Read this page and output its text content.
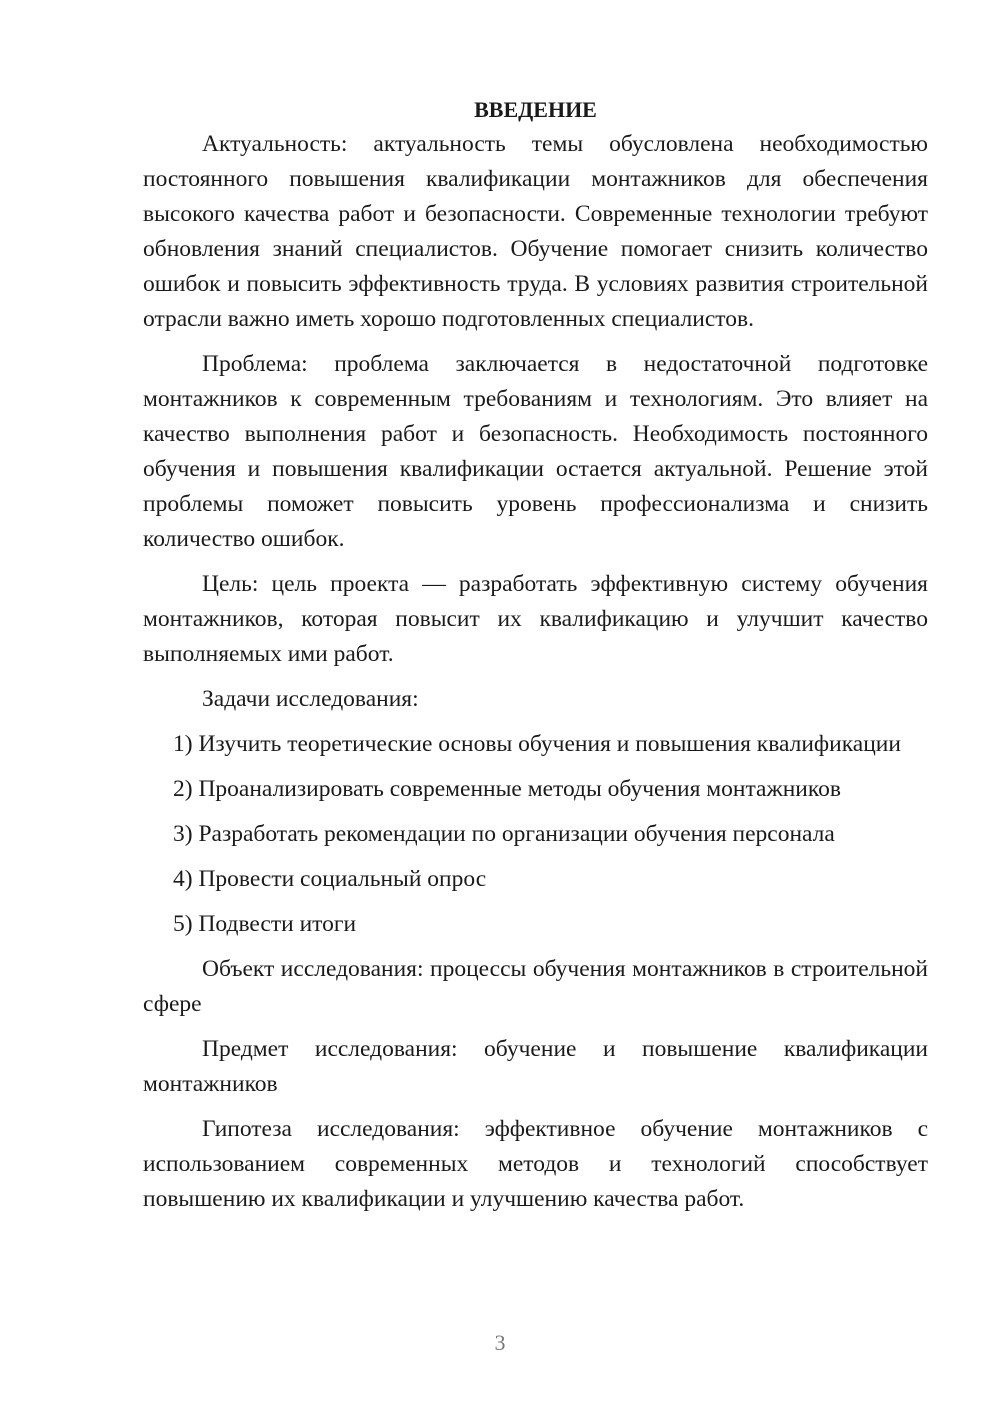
ВВЕДЕНИЕ

Актуальность: актуальность темы обусловлена необходимостью постоянного повышения квалификации монтажников для обеспечения высокого качества работ и безопасности. Современные технологии требуют обновления знаний специалистов. Обучение помогает снизить количество ошибок и повысить эффективность труда. В условиях развития строительной отрасли важно иметь хорошо подготовленных специалистов.

Проблема: проблема заключается в недостаточной подготовке монтажников к современным требованиям и технологиям. Это влияет на качество выполнения работ и безопасность. Необходимость постоянного обучения и повышения квалификации остается актуальной. Решение этой проблемы поможет повысить уровень профессионализма и снизить количество ошибок.

Цель: цель проекта — разработать эффективную систему обучения монтажников, которая повысит их квалификацию и улучшит качество выполняемых ими работ.

Задачи исследования:

1) Изучить теоретические основы обучения и повышения квалификации
2) Проанализировать современные методы обучения монтажников
3) Разработать рекомендации по организации обучения персонала
4) Провести социальный опрос
5) Подвести итоги

Объект исследования: процессы обучения монтажников в строительной сфере

Предмет исследования: обучение и повышение квалификации монтажников

Гипотеза исследования: эффективное обучение монтажников с использованием современных методов и технологий способствует повышению их квалификации и улучшению качества работ.

3
